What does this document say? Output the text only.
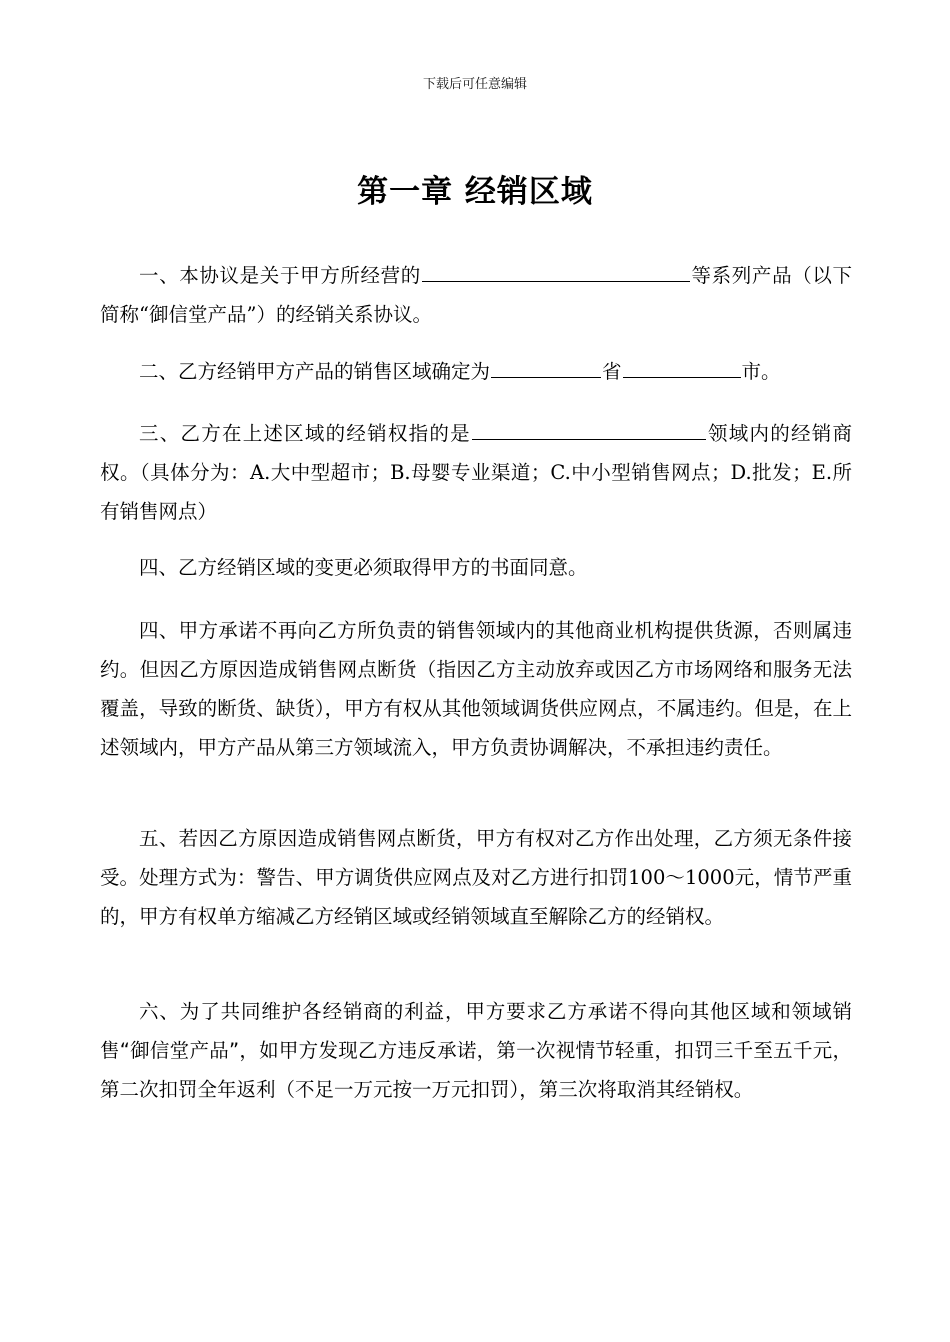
下载后可任意编辑
第一章 经销区域

一、本协议是关于甲方所经营的	等系列产品（以下简称“御信堂产品”）的经销关系协议。

二、乙方经销甲方产品的销售区域确定为	省	市。

三、乙方在上述区域的经销权指的是	领域内的经销商权。（具体分为：A.大中型超市；B.母婴专业渠道；C.中小型销售网点；D.批发；E.所有销售网点）

四、乙方经销区域的变更必须取得甲方的书面同意。

四、甲方承诺不再向乙方所负责的销售领域内的其他商业机构提供货源，否则属违约。但因乙方原因造成销售网点断货（指因乙方主动放弃或因乙方市场网络和服务无法覆盖，导致的断货、缺货），甲方有权从其他领域调货供应网点，不属违约。但是，在上述领域内，甲方产品从第三方领域流入，甲方负责协调解决，不承担违约责任。

五、若因乙方原因造成销售网点断货，甲方有权对乙方作出处理，乙方须无条件接受。处理方式为：警告、甲方调货供应网点及对乙方进行扣罚100～1000元，情节严重的，甲方有权单方缩减乙方经销区域或经销领域直至解除乙方的经销权。

六、为了共同维护各经销商的利益，甲方要求乙方承诺不得向其他区域和领域销售“御信堂产品”，如甲方发现乙方违反承诺，第一次视情节轻重，扣罚三千至五千元，第二次扣罚全年返利（不足一万元按一万元扣罚），第三次将取消其经销权。
